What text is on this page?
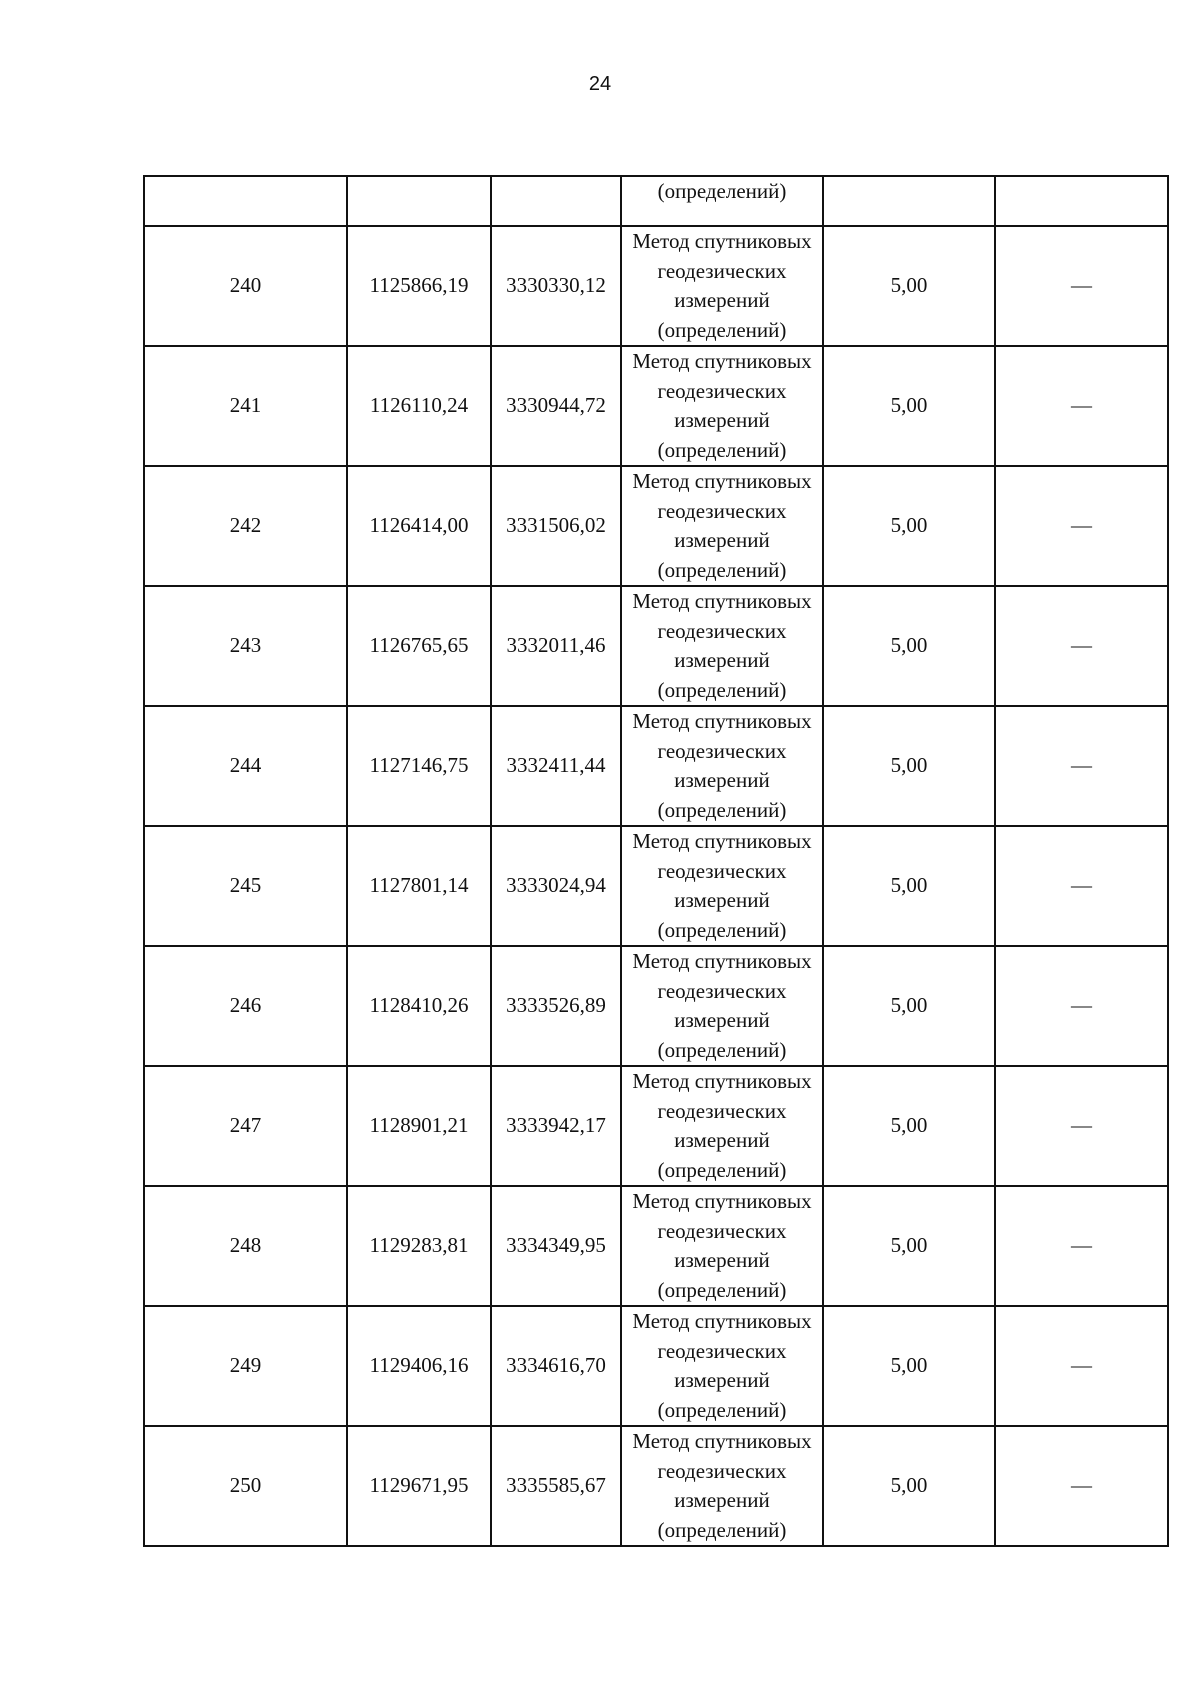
24

			(определений)		

240	1125866,19	3330330,12	Метод спутниковых
геодезических
измерений
(определений)	5,00	—
241	1126110,24	3330944,72	Метод спутниковых
геодезических
измерений
(определений)	5,00	—
242	1126414,00	3331506,02	Метод спутниковых
геодезических
измерений
(определений)	5,00	—
243	1126765,65	3332011,46	Метод спутниковых
геодезических
измерений
(определений)	5,00	—
244	1127146,75	3332411,44	Метод спутниковых
геодезических
измерений
(определений)	5,00	—
245	1127801,14	3333024,94	Метод спутниковых
геодезических
измерений
(определений)	5,00	—
246	1128410,26	3333526,89	Метод спутниковых
геодезических
измерений
(определений)	5,00	—
247	1128901,21	3333942,17	Метод спутниковых
геодезических
измерений
(определений)	5,00	—
248	1129283,81	3334349,95	Метод спутниковых
геодезических
измерений
(определений)	5,00	—
249	1129406,16	3334616,70	Метод спутниковых
геодезических
измерений
(определений)	5,00	—
250	1129671,95	3335585,67	Метод спутниковых
геодезических
измерений
(определений)	5,00	—
